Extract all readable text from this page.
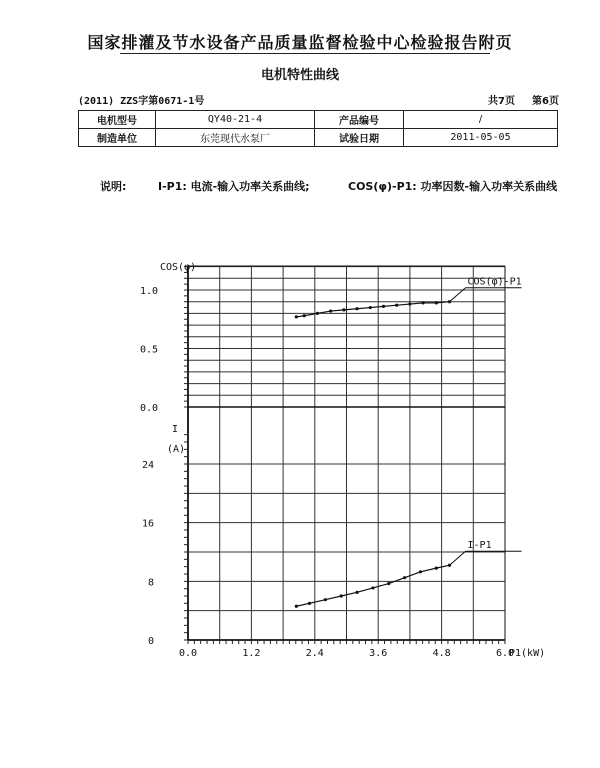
国家排灌及节水设备产品质量监督检验中心检验报告附页
电机特性曲线
(2011) ZZS字第0671-1号	共7页 第6页
电机型号	QY40-21-4	产品编号	/
制造单位	东莞现代水泵厂	试验日期	2011-05-05
说明:	I-P1: 电流-输入功率关系曲线;	COS(φ)-P1: 功率因数-输入功率关系曲线
0.0	1.2	2.4	3.6	4.8	6.0
P1(kW)
1.0
0.5
0.0
COS(φ)
24
16
8
0
I
(A)
COS(φ)-P1
I-P1
